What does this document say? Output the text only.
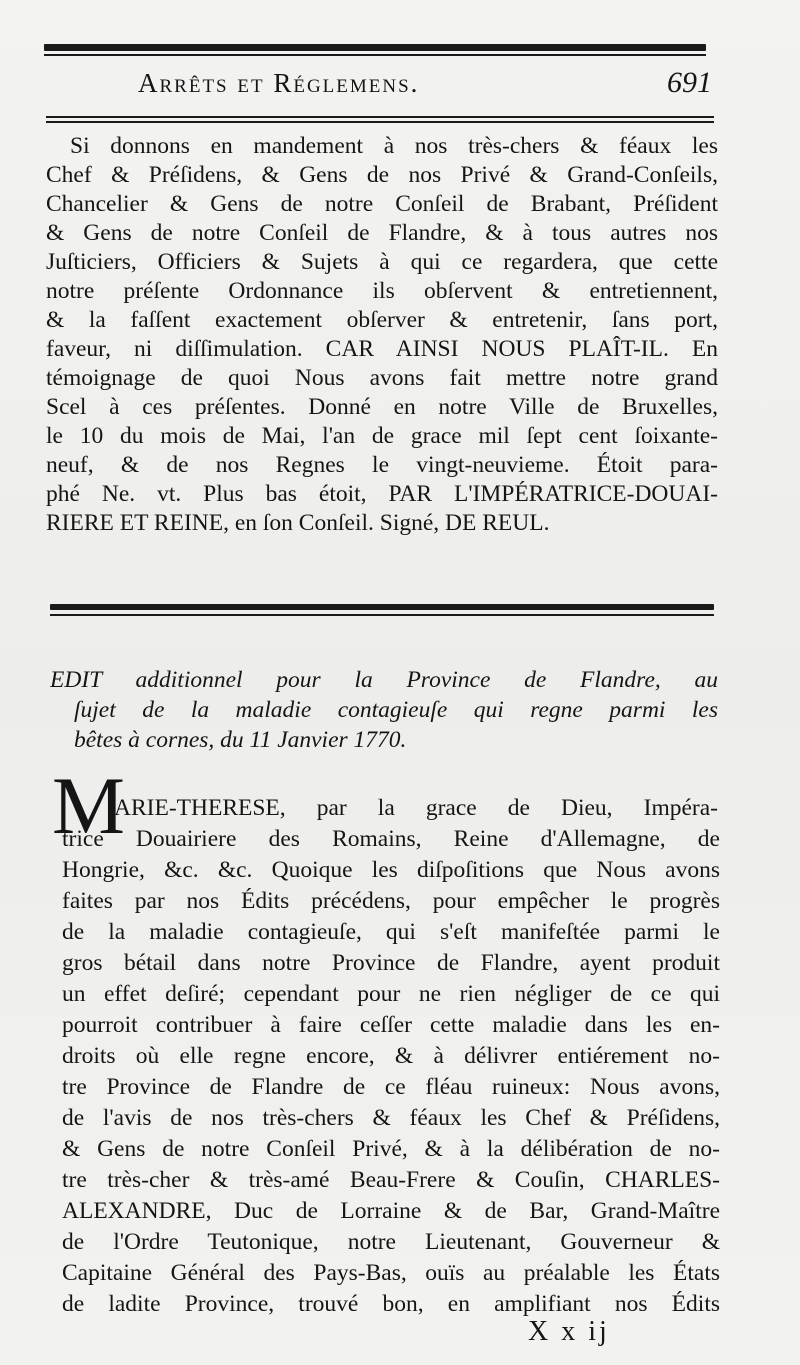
Arrêts et Réglemens.	691
Si donnons en mandement à nos très-chers & féaux les
Chef & Préſidens, & Gens de nos Privé & Grand-Conſeils,
Chancelier & Gens de notre Conſeil de Brabant, Préſident
& Gens de notre Conſeil de Flandre, & à tous autres nos
Juſticiers, Officiers & Sujets à qui ce regardera, que cette
notre préſente Ordonnance ils obſervent & entretiennent,
& la faſſent exactement obſerver & entretenir, ſans port,
faveur, ni diſſimulation. CAR AINSI NOUS PLAÎT-IL. En
témoignage de quoi Nous avons fait mettre notre grand
Scel à ces préſentes. Donné en notre Ville de Bruxelles,
le 10 du mois de Mai, l'an de grace mil ſept cent ſoixante-
neuf, & de nos Regnes le vingt-neuvieme. Étoit para-
phé Ne. vt. Plus bas étoit, PAR L'IMPÉRATRICE-DOUAI-
RIERE ET REINE, en ſon Conſeil. Signé, DE REUL.
EDIT additionnel pour la Province de Flandre, au
ſujet de la maladie contagieuſe qui regne parmi les
bêtes à cornes, du 11 Janvier 1770.
M
ARIE-THERESE, par la grace de Dieu, Impéra-
trice Douairiere des Romains, Reine d'Allemagne, de
Hongrie, &c. &c. Quoique les diſpoſitions que Nous avons
faites par nos Édits précédens, pour empêcher le progrès
de la maladie contagieuſe, qui s'eſt manifeſtée parmi le
gros bétail dans notre Province de Flandre, ayent produit
un effet deſiré; cependant pour ne rien négliger de ce qui
pourroit contribuer à faire ceſſer cette maladie dans les en-
droits où elle regne encore, & à délivrer entiérement no-
tre Province de Flandre de ce fléau ruineux: Nous avons,
de l'avis de nos très-chers & féaux les Chef & Préſidens,
& Gens de notre Conſeil Privé, & à la délibération de no-
tre très-cher & très-amé Beau-Frere & Couſin, CHARLES-
ALEXANDRE, Duc de Lorraine & de Bar, Grand-Maître
de l'Ordre Teutonique, notre Lieutenant, Gouverneur &
Capitaine Général des Pays-Bas, ouïs au préalable les États
de ladite Province, trouvé bon, en amplifiant nos Édits
X x ij
